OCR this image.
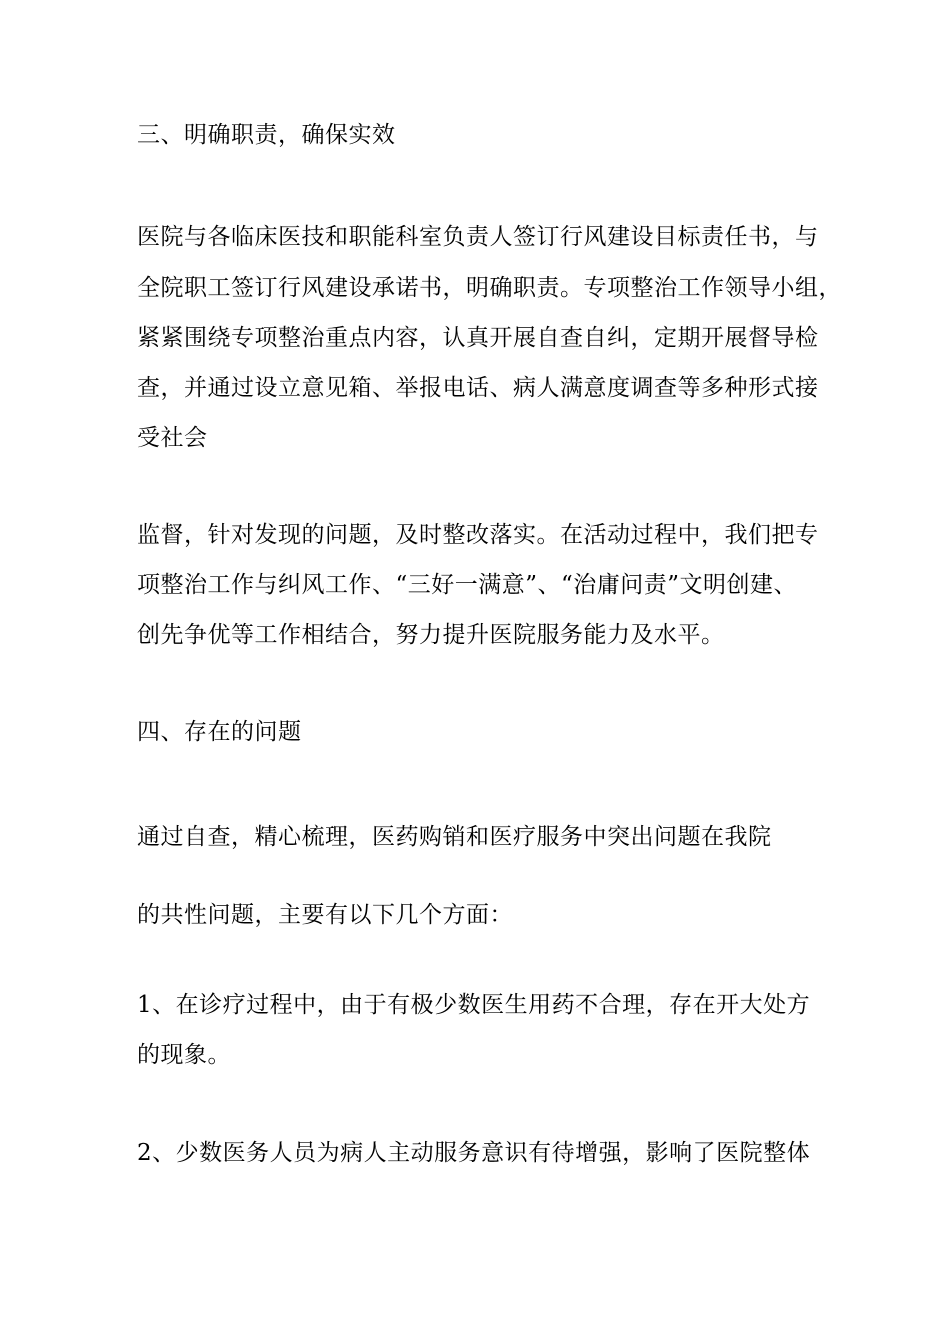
三、明确职责，确保实效
医院与各临床医技和职能科室负责人签订行风建设目标责任书，与
全院职工签订行风建设承诺书，明确职责。专项整治工作领导小组，
紧紧围绕专项整治重点内容，认真开展自查自纠，定期开展督导检
查，并通过设立意见箱、举报电话、病人满意度调查等多种形式接
受社会
监督，针对发现的问题，及时整改落实。在活动过程中，我们把专
项整治工作与纠风工作、“三好一满意”、“治庸问责”文明创建、
创先争优等工作相结合，努力提升医院服务能力及水平。
四、存在的问题
通过自查，精心梳理，医药购销和医疗服务中突出问题在我院
的共性问题，主要有以下几个方面：
1、在诊疗过程中，由于有极少数医生用药不合理，存在开大处方
的现象。
2、少数医务人员为病人主动服务意识有待增强，影响了医院整体
